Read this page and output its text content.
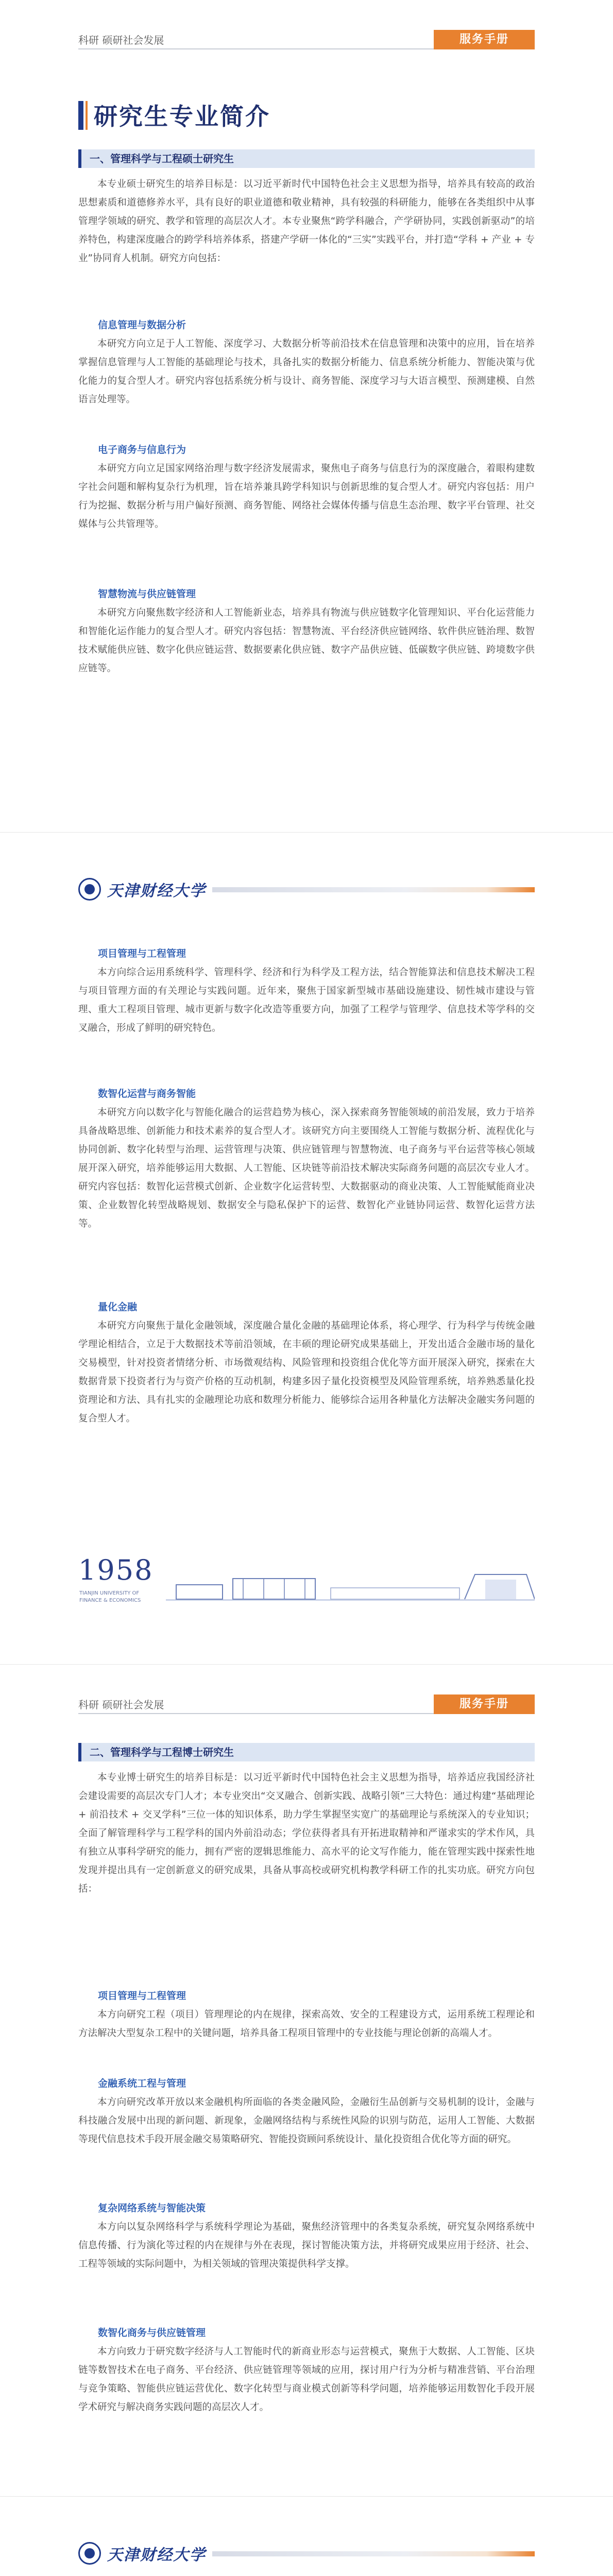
科研 硕研社会发展	服务手册
研究生专业简介
一、管理科学与工程硕士研究生

本专业硕士研究生的培养目标是：以习近平新时代中国特色社会主义思想为指导，培养具有较高的政治思想素质和道德修养水平，具有良好的职业道德和敬业精神，具有较强的科研能力，能够在各类组织中从事管理学领域的研究、教学和管理的高层次人才。本专业聚焦“跨学科融合，产学研协同，实践创新驱动”的培养特色，构建深度融合的跨学科培养体系，搭建产学研一体化的“三实”实践平台，并打造“学科 + 产业 + 专业”协同育人机制。研究方向包括：

信息管理与数据分析

本研究方向立足于人工智能、深度学习、大数据分析等前沿技术在信息管理和决策中的应用，旨在培养掌握信息管理与人工智能的基础理论与技术，具备扎实的数据分析能力、信息系统分析能力、智能决策与优化能力的复合型人才。研究内容包括系统分析与设计、商务智能、深度学习与大语言模型、预测建模、自然语言处理等。

电子商务与信息行为

本研究方向立足国家网络治理与数字经济发展需求，聚焦电子商务与信息行为的深度融合，着眼构建数字社会问题和解构复杂行为机理，旨在培养兼具跨学科知识与创新思维的复合型人才。研究内容包括：用户行为挖掘、数据分析与用户偏好预测、商务智能、网络社会媒体传播与信息生态治理、数字平台管理、社交媒体与公共管理等。

智慧物流与供应链管理

本研究方向聚焦数字经济和人工智能新业态，培养具有物流与供应链数字化管理知识、平台化运营能力和智能化运作能力的复合型人才。研究内容包括：智慧物流、平台经济供应链网络、软件供应链治理、数智技术赋能供应链、数字化供应链运营、数据要素化供应链、数字产品供应链、低碳数字供应链、跨境数字供应链等。

天津财经大学
项目管理与工程管理

本方向综合运用系统科学、管理科学、经济和行为科学及工程方法，结合智能算法和信息技术解决工程与项目管理方面的有关理论与实践问题。近年来，聚焦于国家新型城市基础设施建设、韧性城市建设与管理、重大工程项目管理、城市更新与数字化改造等重要方向，加强了工程学与管理学、信息技术等学科的交叉融合，形成了鲜明的研究特色。

数智化运营与商务智能

本研究方向以数字化与智能化融合的运营趋势为核心，深入探索商务智能领域的前沿发展，致力于培养具备战略思维、创新能力和技术素养的复合型人才。该研究方向主要围绕人工智能与数据分析、流程优化与协同创新、数字化转型与治理、运营管理与决策、供应链管理与智慧物流、电子商务与平台运营等核心领域展开深入研究，培养能够运用大数据、人工智能、区块链等前沿技术解决实际商务问题的高层次专业人才。研究内容包括：数智化运营模式创新、企业数字化运营转型、大数据驱动的商业决策、人工智能赋能商业决策、企业数智化转型战略规划、数据安全与隐私保护下的运营、数智化产业链协同运营、数智化运营方法等。

量化金融

本研究方向聚焦于量化金融领域，深度融合量化金融的基础理论体系，将心理学、行为科学与传统金融学理论相结合，立足于大数据技术等前沿领域，在丰硕的理论研究成果基础上，开发出适合金融市场的量化交易模型，针对投资者情绪分析、市场微观结构、风险管理和投资组合优化等方面开展深入研究，探索在大数据背景下投资者行为与资产价格的互动机制，构建多因子量化投资模型及风险管理系统，培养熟悉量化投资理论和方法、具有扎实的金融理论功底和数理分析能力、能够综合运用各种量化方法解决金融实务问题的复合型人才。

1958
TIANJIN UNIVERSITY OF
FINANCE & ECONOMICS
科研 硕研社会发展	服务手册
二、管理科学与工程博士研究生

本专业博士研究生的培养目标是：以习近平新时代中国特色社会主义思想为指导，培养适应我国经济社会建设需要的高层次专门人才；本专业突出“交叉融合、创新实践、战略引领”三大特色：通过构建“基础理论 + 前沿技术 + 交叉学科”三位一体的知识体系，助力学生掌握坚实宽广的基础理论与系统深入的专业知识；全面了解管理科学与工程学科的国内外前沿动态；学位获得者具有开拓进取精神和严谨求实的学术作风，具有独立从事科学研究的能力，拥有严密的逻辑思维能力、高水平的论文写作能力，能在管理实践中探索性地发现并提出具有一定创新意义的研究成果，具备从事高校或研究机构教学科研工作的扎实功底。研究方向包括：

项目管理与工程管理

本方向研究工程（项目）管理理论的内在规律，探索高效、安全的工程建设方式，运用系统工程理论和方法解决大型复杂工程中的关键问题，培养具备工程项目管理中的专业技能与理论创新的高端人才。

金融系统工程与管理

本方向研究改革开放以来金融机构所面临的各类金融风险，金融衍生品创新与交易机制的设计，金融与科技融合发展中出现的新问题、新现象，金融网络结构与系统性风险的识别与防范，运用人工智能、大数据等现代信息技术手段开展金融交易策略研究、智能投资顾问系统设计、量化投资组合优化等方面的研究。

复杂网络系统与智能决策

本方向以复杂网络科学与系统科学理论为基础，聚焦经济管理中的各类复杂系统，研究复杂网络系统中信息传播、行为演化等过程的内在规律与外在表现，探讨智能决策方法，并将研究成果应用于经济、社会、工程等领域的实际问题中，为相关领域的管理决策提供科学支撑。

数智化商务与供应链管理

本方向致力于研究数字经济与人工智能时代的新商业形态与运营模式，聚焦于大数据、人工智能、区块链等数智技术在电子商务、平台经济、供应链管理等领域的应用，探讨用户行为分析与精准营销、平台治理与竞争策略、智能供应链运营优化、数字化转型与商业模式创新等科学问题，培养能够运用数智化手段开展学术研究与解决商务实践问题的高层次人才。

天津财经大学
